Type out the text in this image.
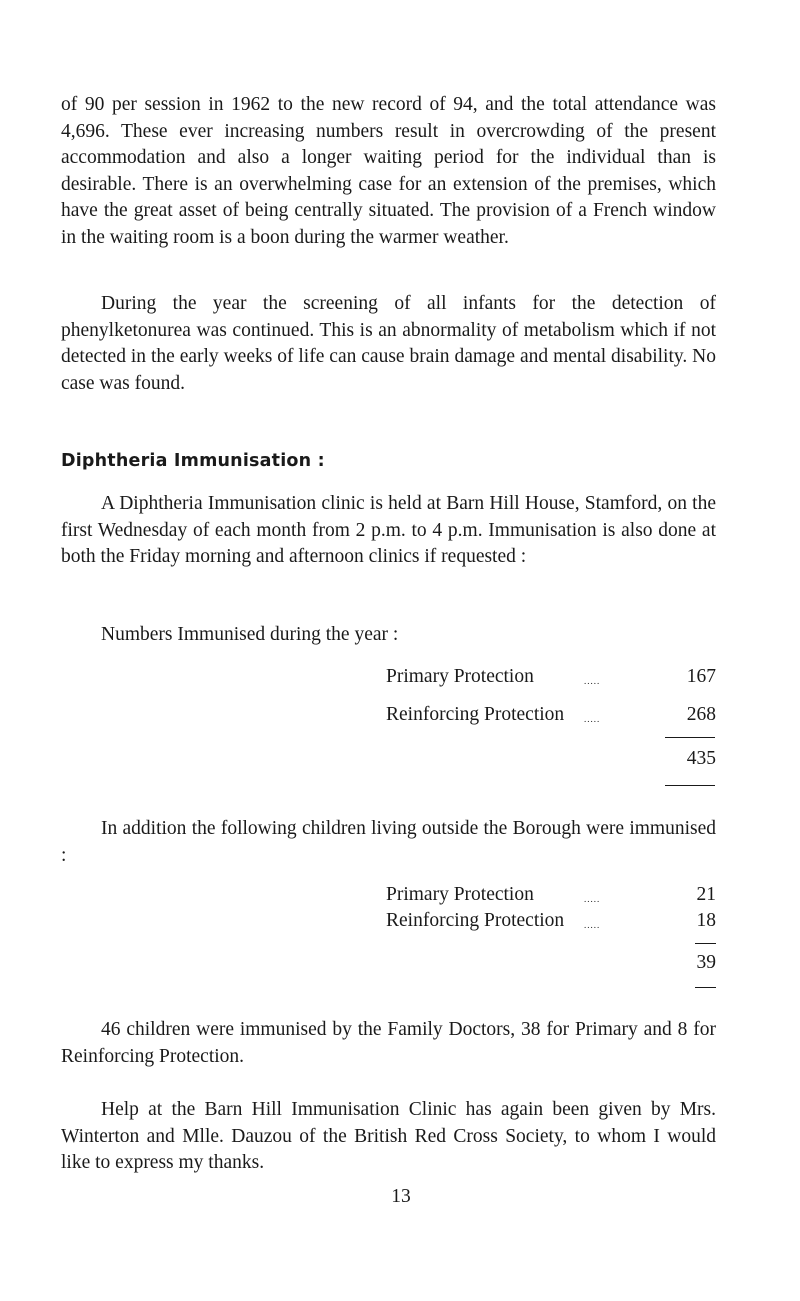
of 90 per session in 1962 to the new record of 94, and the total attendance was 4,696. These ever increasing numbers result in overcrowding of the present accommodation and also a longer waiting period for the individual than is desirable. There is an overwhelming case for an extension of the premises, which have the great asset of being centrally situated. The provision of a French window in the waiting room is a boon during the warmer weather.

During the year the screening of all infants for the detection of phenylketonurea was continued. This is an abnormality of metabolism which if not detected in the early weeks of life can cause brain damage and mental disability. No case was found.

Diphtheria Immunisation :

A Diphtheria Immunisation clinic is held at Barn Hill House, Stamford, on the first Wednesday of each month from 2 p.m. to 4 p.m. Immunisation is also done at both the Friday morning and afternoon clinics if requested :

Numbers Immunised during the year :

Primary Protection	.....	167
Reinforcing Protection .....	268
435

In addition the following children living outside the Borough were immunised :

Primary Protection	.....	21
Reinforcing Protection .....	18
39

46 children were immunised by the Family Doctors, 38 for Primary and 8 for Reinforcing Protection.

Help at the Barn Hill Immunisation Clinic has again been given by Mrs. Winterton and Mlle. Dauzou of the British Red Cross Society, to whom I would like to express my thanks.

13
